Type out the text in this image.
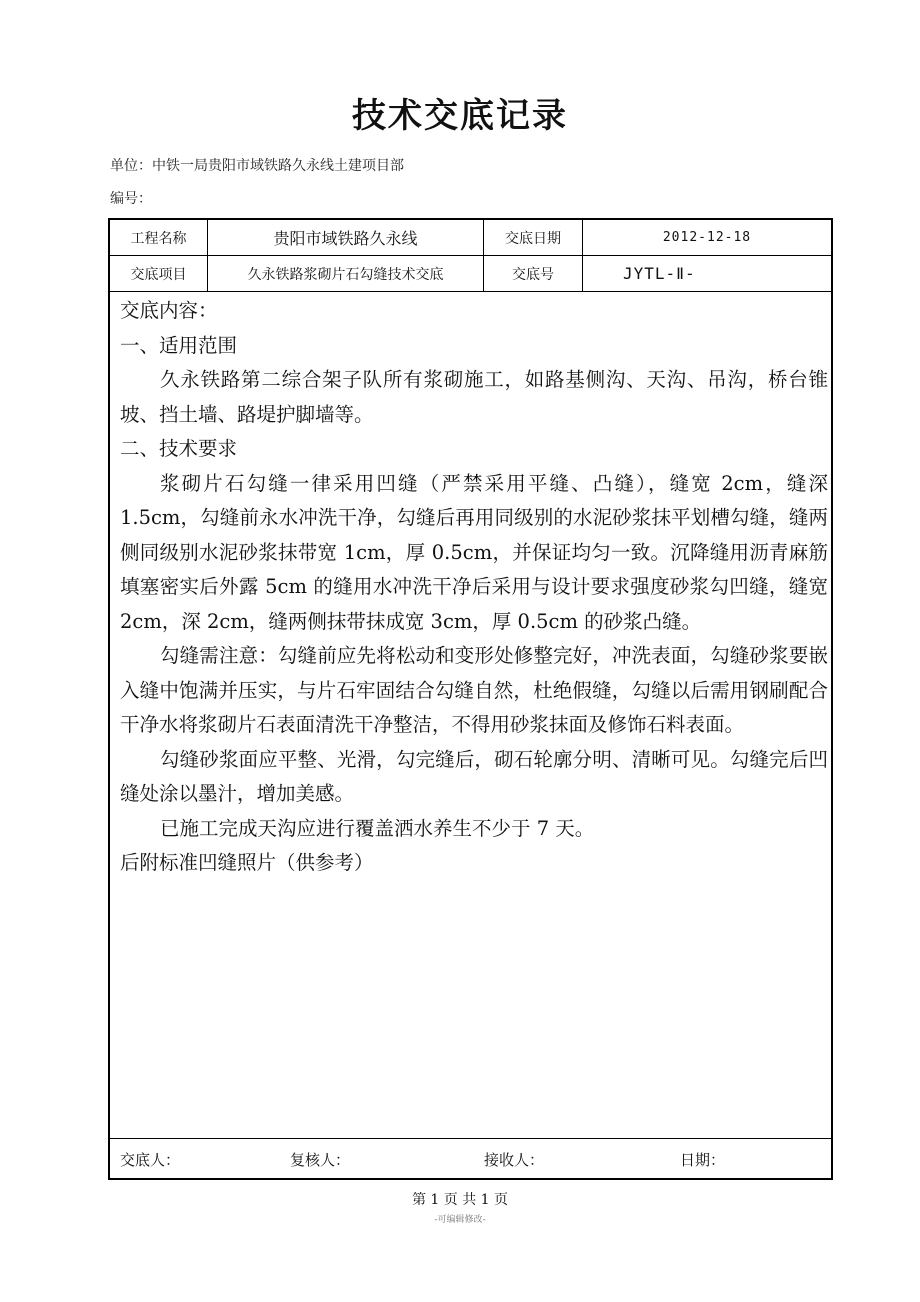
技术交底记录
单位：中铁一局贵阳市域铁路久永线土建项目部
编号：
工程名称	贵阳市域铁路久永线	交底日期	2012-12-18
交底项目	久永铁路浆砌片石勾缝技术交底	交底号	JYTL-Ⅱ-

交底内容：

一、适用范围

久永铁路第二综合架子队所有浆砌施工，如路基侧沟、天沟、吊沟，桥台锥坡、挡土墙、路堤护脚墙等。

二、技术要求

浆砌片石勾缝一律采用凹缝（严禁采用平缝、凸缝），缝宽 2cm，缝深 1.5cm，勾缝前永水冲洗干净，勾缝后再用同级别的水泥砂浆抹平划槽勾缝，缝两侧同级别水泥砂浆抹带宽 1cm，厚 0.5cm，并保证均匀一致。沉降缝用沥青麻筋填塞密实后外露 5cm 的缝用水冲洗干净后采用与设计要求强度砂浆勾凹缝，缝宽 2cm，深 2cm，缝两侧抹带抹成宽 3cm，厚 0.5cm 的砂浆凸缝。

勾缝需注意：勾缝前应先将松动和变形处修整完好，冲洗表面，勾缝砂浆要嵌入缝中饱满并压实，与片石牢固结合勾缝自然，杜绝假缝，勾缝以后需用钢刷配合干净水将浆砌片石表面清洗干净整洁，不得用砂浆抹面及修饰石料表面。

勾缝砂浆面应平整、光滑，勾完缝后，砌石轮廓分明、清晰可见。勾缝完后凹缝处涂以墨汁，增加美感。

已施工完成天沟应进行覆盖洒水养生不少于 7 天。

后附标准凹缝照片（供参考）

交底人：	复核人：	接收人：	日期：
第 1 页 共 1 页
-可编辑修改-
